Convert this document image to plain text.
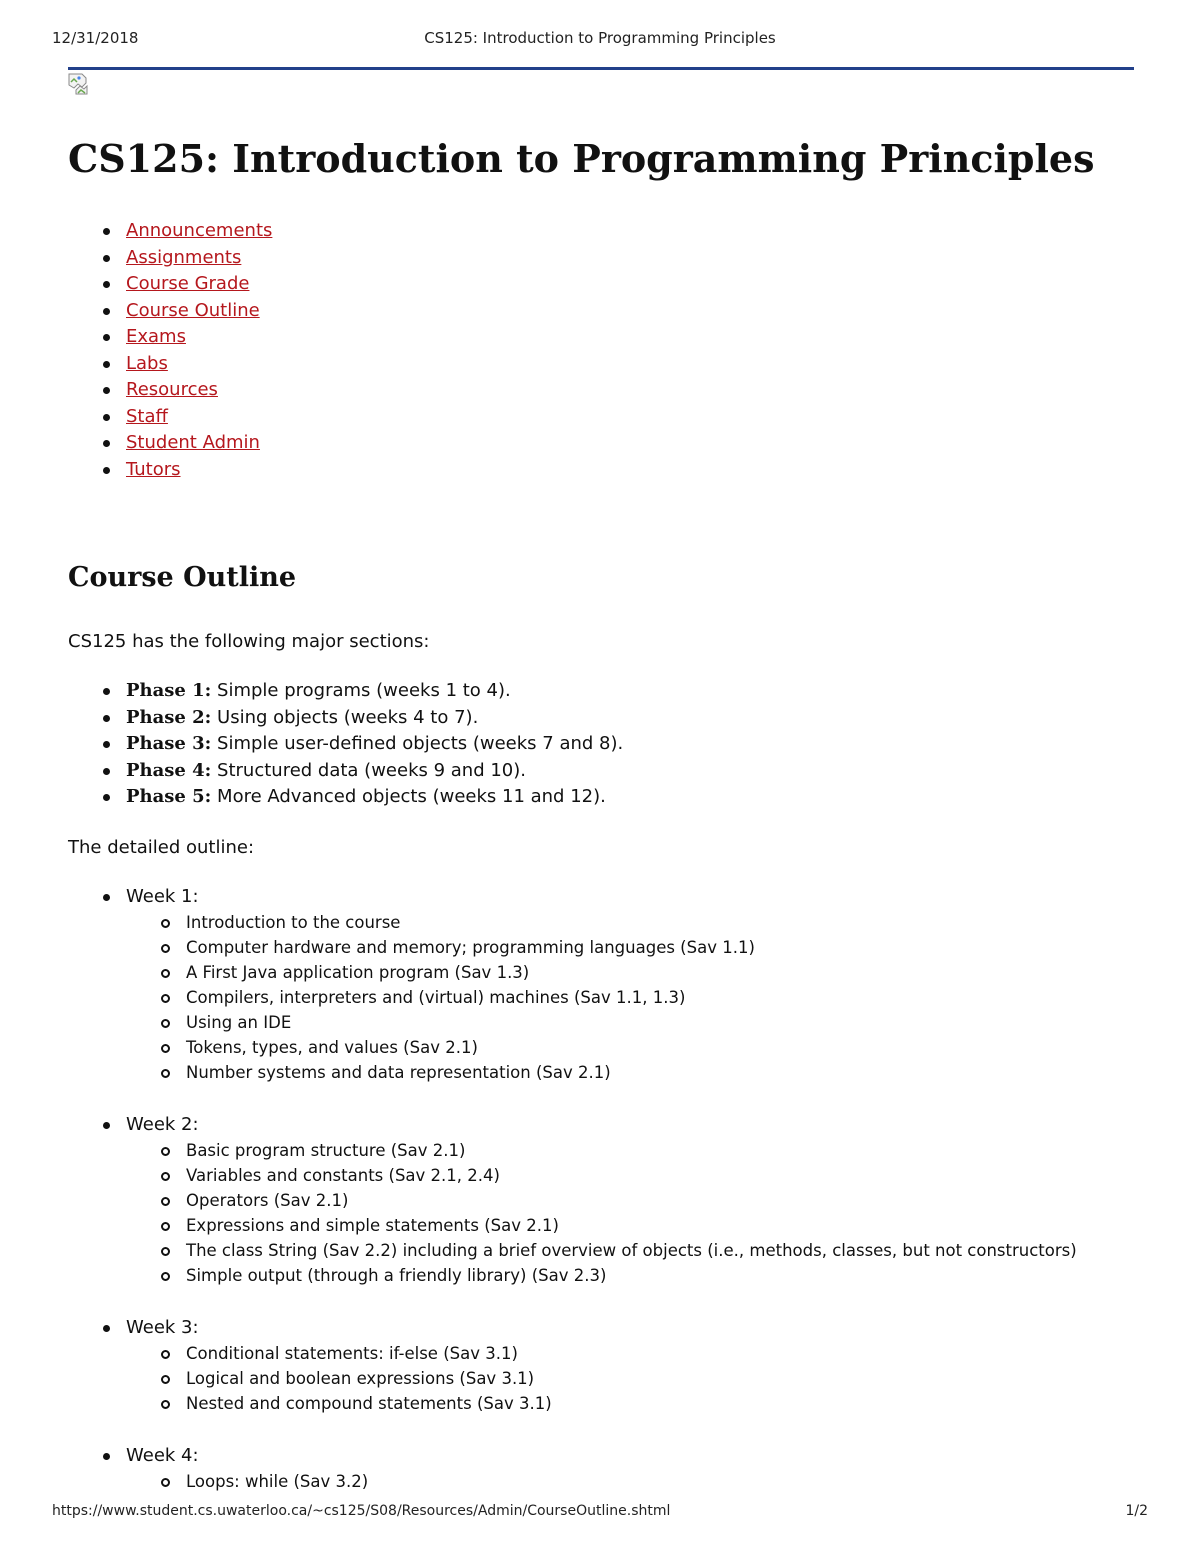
12/31/2018	CS125: Introduction to Programming Principles
CS125: Introduction to Programming Principles
Announcements
Assignments
Course Grade
Course Outline
Exams
Labs
Resources
Staff
Student Admin
Tutors
Course Outline

CS125 has the following major sections:

Phase 1: Simple programs (weeks 1 to 4).
Phase 2: Using objects (weeks 4 to 7).
Phase 3: Simple user-defined objects (weeks 7 and 8).
Phase 4: Structured data (weeks 9 and 10).
Phase 5: More Advanced objects (weeks 11 and 12).

The detailed outline:

Week 1:
Introduction to the course
Computer hardware and memory; programming languages (Sav 1.1)
A First Java application program (Sav 1.3)
Compilers, interpreters and (virtual) machines (Sav 1.1, 1.3)
Using an IDE
Tokens, types, and values (Sav 2.1)
Number systems and data representation (Sav 2.1)
Week 2:
Basic program structure (Sav 2.1)
Variables and constants (Sav 2.1, 2.4)
Operators (Sav 2.1)
Expressions and simple statements (Sav 2.1)
The class String (Sav 2.2) including a brief overview of objects (i.e., methods, classes, but not constructors)
Simple output (through a friendly library) (Sav 2.3)
Week 3:
Conditional statements: if-else (Sav 3.1)
Logical and boolean expressions (Sav 3.1)
Nested and compound statements (Sav 3.1)
Week 4:
Loops: while (Sav 3.2)
https://www.student.cs.uwaterloo.ca/~cs125/S08/Resources/Admin/CourseOutline.shtml	1/2
